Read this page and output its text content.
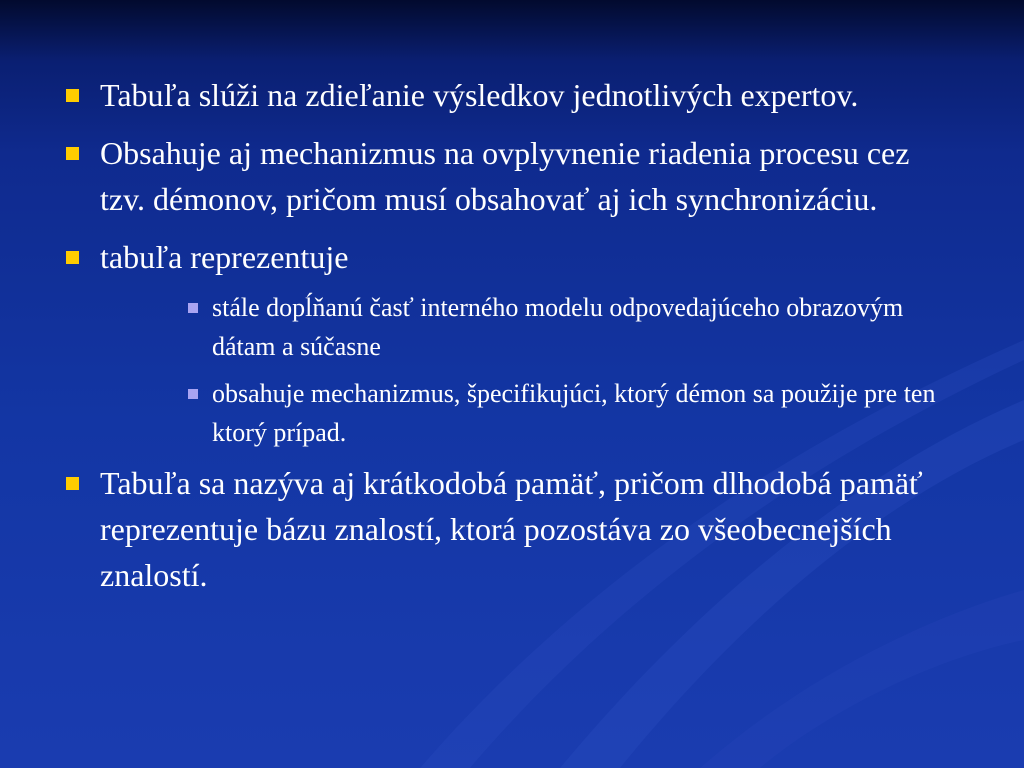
Tabuľa slúži na zdieľanie výsledkov jednotlivých expertov.
Obsahuje aj mechanizmus na ovplyvnenie riadenia procesu cez tzv. démonov, pričom musí obsahovať aj ich synchronizáciu.
tabuľa reprezentuje
stále dopĺňanú časť interného modelu odpovedajúceho obrazovým dátam a súčasne
obsahuje mechanizmus, špecifikujúci, ktorý démon sa použije pre ten ktorý prípad.
Tabuľa sa nazýva aj krátkodobá pamäť, pričom dlhodobá pamäť reprezentuje bázu znalostí, ktorá pozostáva zo všeobecnejších znalostí.
